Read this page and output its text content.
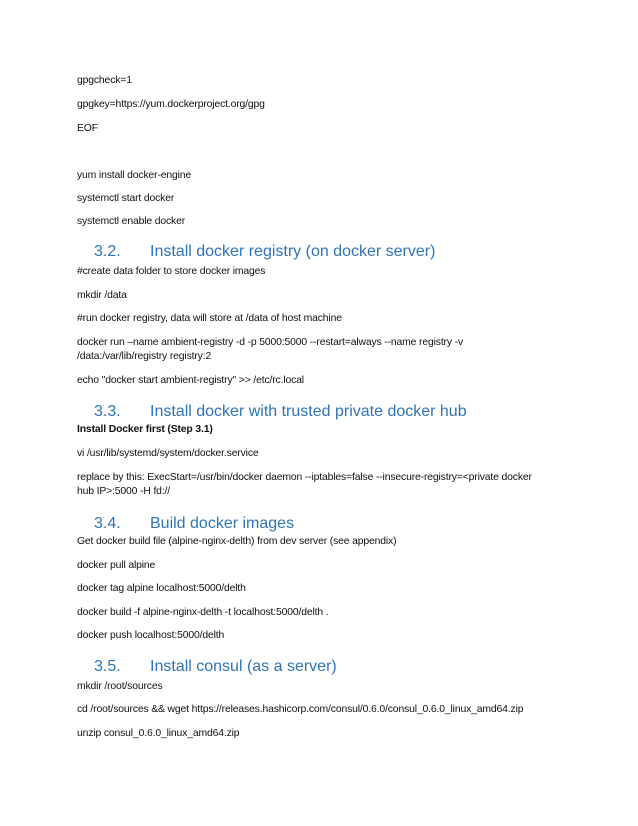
gpgcheck=1
gpgkey=https://yum.dockerproject.org/gpg
EOF
yum install docker-engine
systemctl start docker
systemctl enable docker
3.2. Install docker registry (on docker server)
#create data folder to store docker images
mkdir /data
#run docker registry, data will store at /data of host machine
docker run –name ambient-registry -d -p 5000:5000 --restart=always --name registry -v
/data:/var/lib/registry registry:2
echo "docker start ambient-registry" >> /etc/rc.local
3.3. Install docker with trusted private docker hub
Install Docker first (Step 3.1)
vi /usr/lib/systemd/system/docker.service
replace by this: ExecStart=/usr/bin/docker daemon --iptables=false --insecure-registry=<private docker
hub IP>:5000 -H fd://
3.4. Build docker images
Get docker build file (alpine-nginx-delth) from dev server (see appendix)
docker pull alpine
docker tag alpine localhost:5000/delth
docker build -f alpine-nginx-delth -t localhost:5000/delth .
docker push localhost:5000/delth
3.5. Install consul (as a server)
mkdir /root/sources
cd /root/sources && wget https://releases.hashicorp.com/consul/0.6.0/consul_0.6.0_linux_amd64.zip
unzip consul_0.6.0_linux_amd64.zip
